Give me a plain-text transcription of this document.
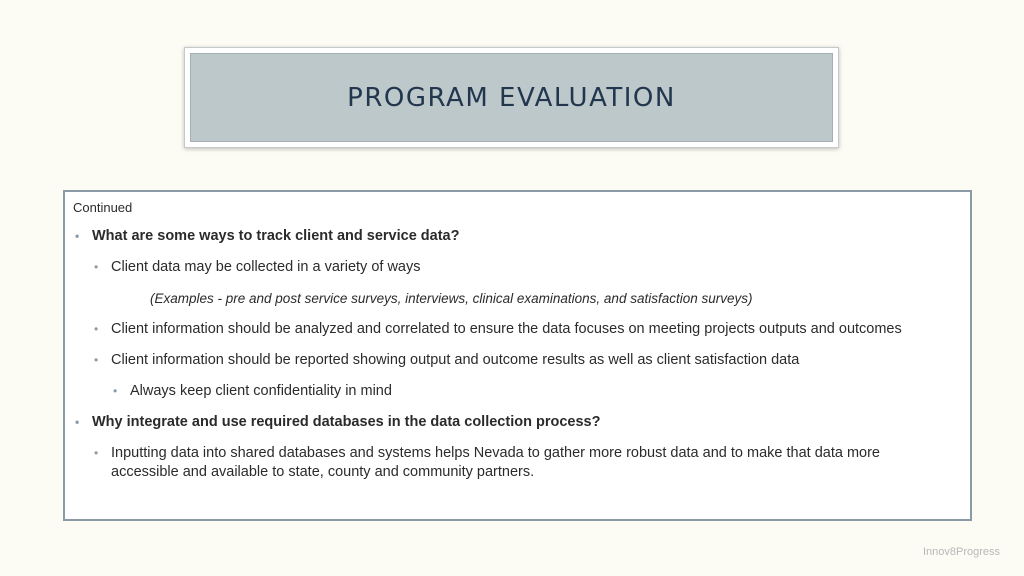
PROGRAM EVALUATION
Continued
• What are some ways to track client and service data?
• Client data may be collected in a variety of ways
(Examples - pre and post service surveys, interviews, clinical examinations, and satisfaction surveys)
• Client information should be analyzed and correlated to ensure the data focuses on meeting projects outputs and outcomes
• Client information should be reported showing output and outcome results as well as client satisfaction data
• Always keep client confidentiality in mind
• Why integrate and use required databases in the data collection process?
• Inputting data into shared databases and systems helps Nevada to gather more robust data and to make that data more accessible and available to state, county and community partners.
Innov8Progress
